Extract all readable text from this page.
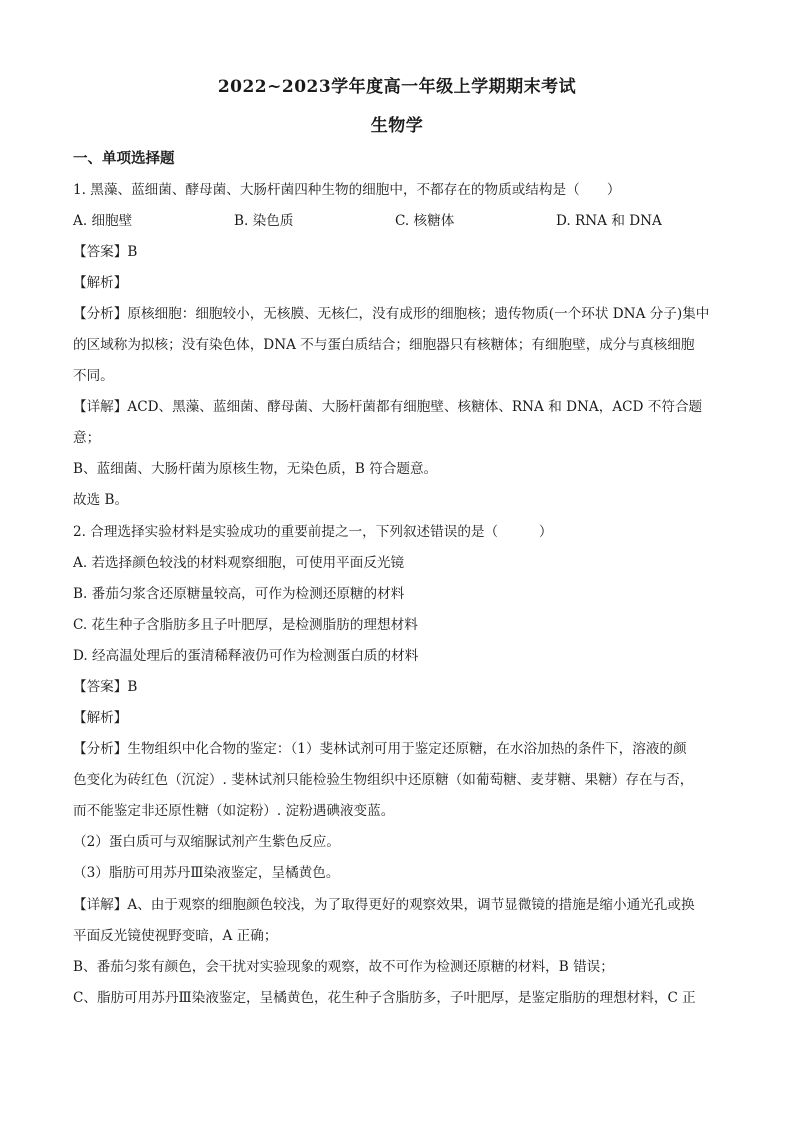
2022~2023学年度高一年级上学期期末考试
生物学
一、单项选择题
1. 黑藻、蓝细菌、酵母菌、大肠杆菌四种生物的细胞中，不都存在的物质或结构是（　　）
A. 细胞壁	B. 染色质	C. 核糖体	D. RNA 和 DNA
【答案】B
【解析】
【分析】原核细胞：细胞较小，无核膜、无核仁，没有成形的细胞核；遗传物质(一个环状 DNA 分子)集中
的区域称为拟核；没有染色体，DNA 不与蛋白质结合；细胞器只有核糖体；有细胞壁，成分与真核细胞
不同。
【详解】ACD、黑藻、蓝细菌、酵母菌、大肠杆菌都有细胞壁、核糖体、RNA 和 DNA，ACD 不符合题
意；
B、蓝细菌、大肠杆菌为原核生物，无染色质，B 符合题意。
故选 B。
2. 合理选择实验材料是实验成功的重要前提之一，下列叙述错误的是（　　　）
A. 若选择颜色较浅的材料观察细胞，可使用平面反光镜
B. 番茄匀浆含还原糖量较高，可作为检测还原糖的材料
C. 花生种子含脂肪多且子叶肥厚，是检测脂肪的理想材料
D. 经高温处理后的蛋清稀释液仍可作为检测蛋白质的材料
【答案】B
【解析】
【分析】生物组织中化合物的鉴定：（1）斐林试剂可用于鉴定还原糖，在水浴加热的条件下，溶液的颜
色变化为砖红色（沉淀）. 斐林试剂只能检验生物组织中还原糖（如葡萄糖、麦芽糖、果糖）存在与否，
而不能鉴定非还原性糖（如淀粉）. 淀粉遇碘液变蓝。
（2）蛋白质可与双缩脲试剂产生紫色反应。
（3）脂肪可用苏丹Ⅲ染液鉴定，呈橘黄色。
【详解】A、由于观察的细胞颜色较浅，为了取得更好的观察效果，调节显微镜的措施是缩小通光孔或换
平面反光镜使视野变暗，A 正确；
B、番茄匀浆有颜色，会干扰对实验现象的观察，故不可作为检测还原糖的材料，B 错误；
C、脂肪可用苏丹Ⅲ染液鉴定，呈橘黄色，花生种子含脂肪多，子叶肥厚，是鉴定脂肪的理想材料，C 正
